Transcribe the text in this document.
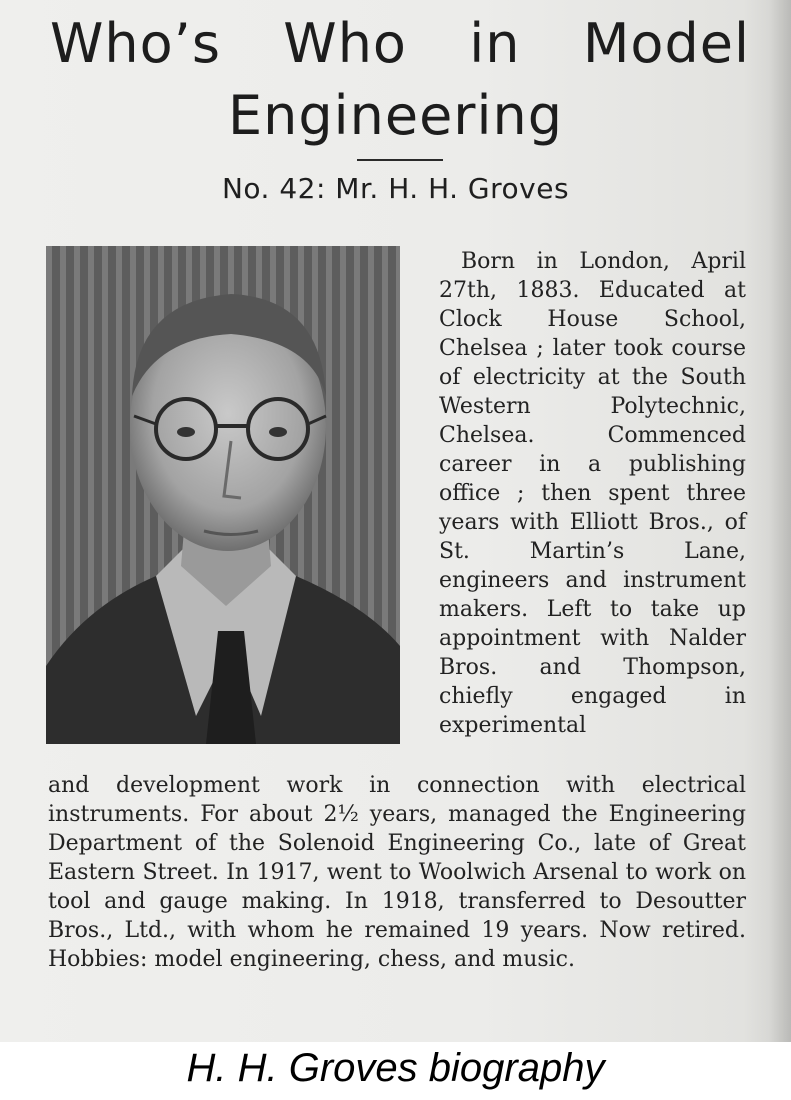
Who’s Who in Model
Engineering
No. 42: Mr. H. H. Groves
Born in London, April 27th, 1883. Educated at Clock House School, Chelsea ; later took course of electricity at the South Western Polytechnic, Chelsea. Commenced career in a publishing office ; then spent three years with Elliott Bros., of St. Martin’s Lane, engineers and instrument makers. Left to take up appointment with Nalder Bros. and Thompson, chiefly engaged in experimental
and development work in connection with electrical instruments. For about 2½ years, managed the Engineering Department of the Solenoid Engineering Co., late of Great Eastern Street. In 1917, went to Woolwich Arsenal to work on tool and gauge making. In 1918, transferred to Desoutter Bros., Ltd., with whom he remained 19 years. Now retired. Hobbies: model engineering, chess, and music.
H. H. Groves biography
